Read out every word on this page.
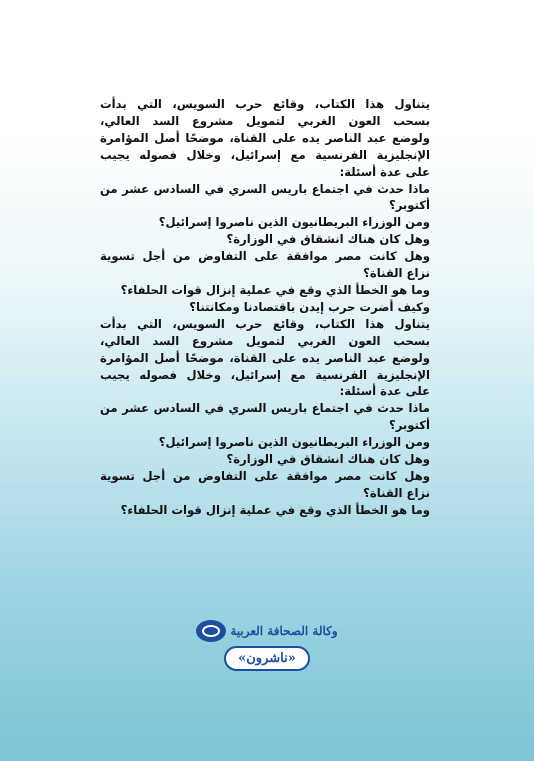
يتناول هذا الكتاب، وقائع حرب السويس، التي بدأت
بسحب العون الغربي لتمويل مشروع السد العالي،
ولوضع عبد الناصر يده على القناة، موضحًا أصل المؤامرة
الإنجليزية الفرنسية مع إسرائيل، وخلال فصوله يجيب
على عدة أسئلة:
ماذا حدث في اجتماع باريس السري في السادس عشر من
أكتوبر؟
ومن الوزراء البريطانيون الذين ناصروا إسرائيل؟
وهل كان هناك انشقاق في الوزارة؟
وهل كانت مصر موافقة على التفاوض من أجل تسوية
نزاع القناة؟
وما هو الخطأ الذي وقع في عملية إنزال قوات الحلفاء؟
وكيف أضرت حرب إيدن باقتصادنا ومكانتنا؟
يتناول هذا الكتاب، وقائع حرب السويس، التي بدأت
بسحب العون الغربي لتمويل مشروع السد العالي،
ولوضع عبد الناصر يده على القناة، موضحًا أصل المؤامرة
الإنجليزية الفرنسية مع إسرائيل، وخلال فصوله يجيب
على عدة أسئلة:
ماذا حدث في اجتماع باريس السري في السادس عشر من
أكتوبر؟
ومن الوزراء البريطانيون الذين ناصروا إسرائيل؟
وهل كان هناك انشقاق في الوزارة؟
وهل كانت مصر موافقة على التفاوض من أجل تسوية
نزاع القناة؟
وما هو الخطأ الذي وقع في عملية إنزال قوات الحلفاء؟
وكالة الصحافة العربية
«ناشرون»
